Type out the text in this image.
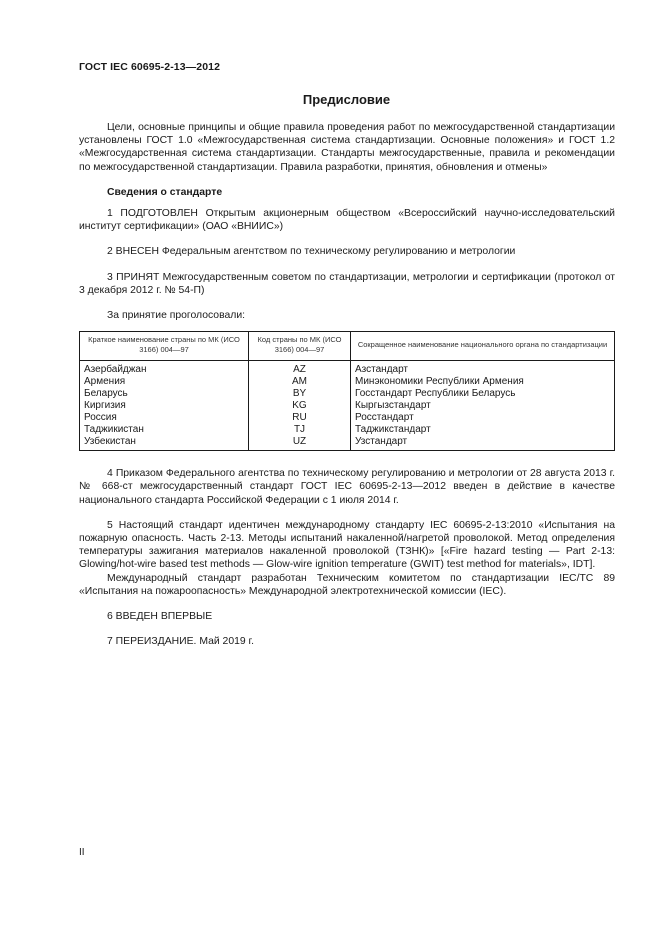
ГОСТ IEC 60695-2-13—2012
Предисловие

Цели, основные принципы и общие правила проведения работ по межгосударственной стандартизации установлены ГОСТ 1.0 «Межгосударственная система стандартизации. Основные положения» и ГОСТ 1.2 «Межгосударственная система стандартизации. Стандарты межгосударственные, правила и рекомендации по межгосударственной стандартизации. Правила разработки, принятия, обновления и отмены»

Сведения о стандарте

1 ПОДГОТОВЛЕН Открытым акционерным обществом «Всероссийский научно-исследовательский институт сертификации» (ОАО «ВНИИС»)

2 ВНЕСЕН Федеральным агентством по техническому регулированию и метрологии

3 ПРИНЯТ Межгосударственным советом по стандартизации, метрологии и сертификации (протокол от 3 декабря 2012 г. № 54-П)

За принятие проголосовали:

Краткое наименование страны по МК (ИСО 3166) 004—97	Код страны по МК (ИСО 3166) 004—97	Сокращенное наименование национального органа по стандартизации
Азербайджан	AZ	Азстандарт
Армения	AM	Минэкономики Республики Армения
Беларусь	BY	Госстандарт Республики Беларусь
Киргизия	KG	Кыргызстандарт
Россия	RU	Росстандарт
Таджикистан	TJ	Таджикстандарт
Узбекистан	UZ	Узстандарт

4 Приказом Федерального агентства по техническому регулированию и метрологии от 28 августа 2013 г. № 668-ст межгосударственный стандарт ГОСТ IEC 60695-2-13—2012 введен в действие в качестве национального стандарта Российской Федерации с 1 июля 2014 г.

5 Настоящий стандарт идентичен международному стандарту IEC 60695-2-13:2010 «Испытания на пожарную опасность. Часть 2-13. Методы испытаний накаленной/нагретой проволокой. Метод определения температуры зажигания материалов накаленной проволокой (ТЗНК)» [«Fire hazard testing — Part 2-13: Glowing/hot-wire based test methods — Glow-wire ignition temperature (GWIT) test method for materials», IDT].

Международный стандарт разработан Техническим комитетом по стандартизации IEC/TC 89 «Испытания на пожароопасность» Международной электротехнической комиссии (IEC).

6 ВВЕДЕН ВПЕРВЫЕ

7 ПЕРЕИЗДАНИЕ. Май 2019 г.

II
